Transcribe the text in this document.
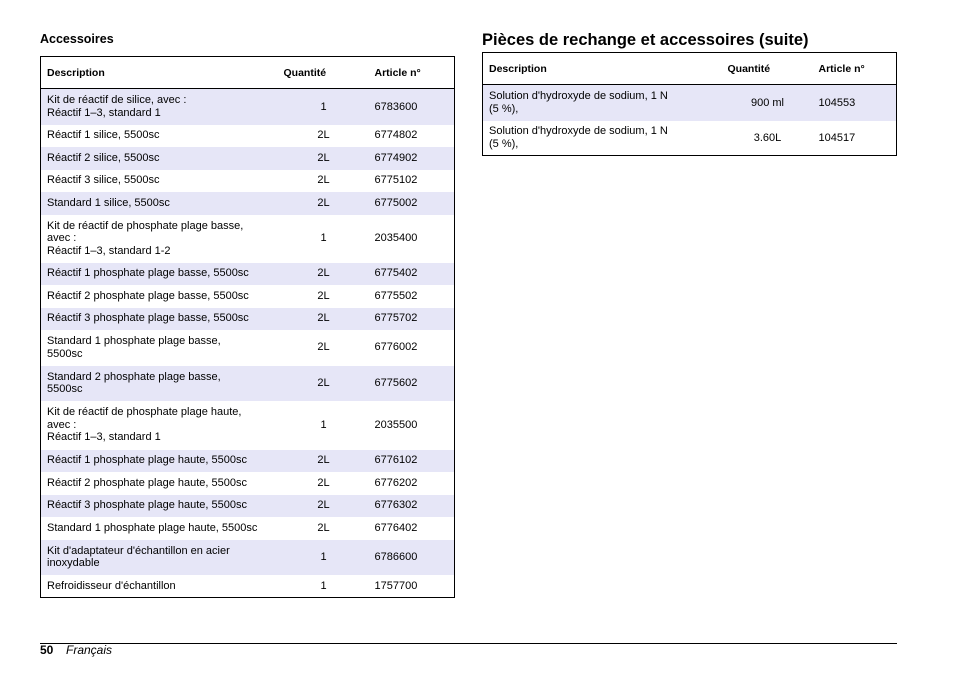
Accessoires
Description	Quantité	Article n°
Kit de réactif de silice, avec :
Réactif 1–3, standard 1	1	6783600
Réactif 1 silice, 5500sc	2L	6774802
Réactif 2 silice, 5500sc	2L	6774902
Réactif 3 silice, 5500sc	2L	6775102
Standard 1 silice, 5500sc	2L	6775002
Kit de réactif de phosphate plage basse,
avec :
Réactif 1–3, standard 1-2	1	2035400
Réactif 1 phosphate plage basse, 5500sc	2L	6775402
Réactif 2 phosphate plage basse, 5500sc	2L	6775502
Réactif 3 phosphate plage basse, 5500sc	2L	6775702
Standard 1 phosphate plage basse,
5500sc	2L	6776002
Standard 2 phosphate plage basse,
5500sc	2L	6775602
Kit de réactif de phosphate plage haute,
avec :
Réactif 1–3, standard 1	1	2035500
Réactif 1 phosphate plage haute, 5500sc	2L	6776102
Réactif 2 phosphate plage haute, 5500sc	2L	6776202
Réactif 3 phosphate plage haute, 5500sc	2L	6776302
Standard 1 phosphate plage haute, 5500sc	2L	6776402
Kit d'adaptateur d'échantillon en acier
inoxydable	1	6786600
Refroidisseur d'échantillon	1	1757700
Pièces de rechange et accessoires (suite)
Description	Quantité	Article n°
Solution d'hydroxyde de sodium, 1 N
(5 %),	900 ml	104553
Solution d'hydroxyde de sodium, 1 N
(5 %),	3.60L	104517
50 Français
